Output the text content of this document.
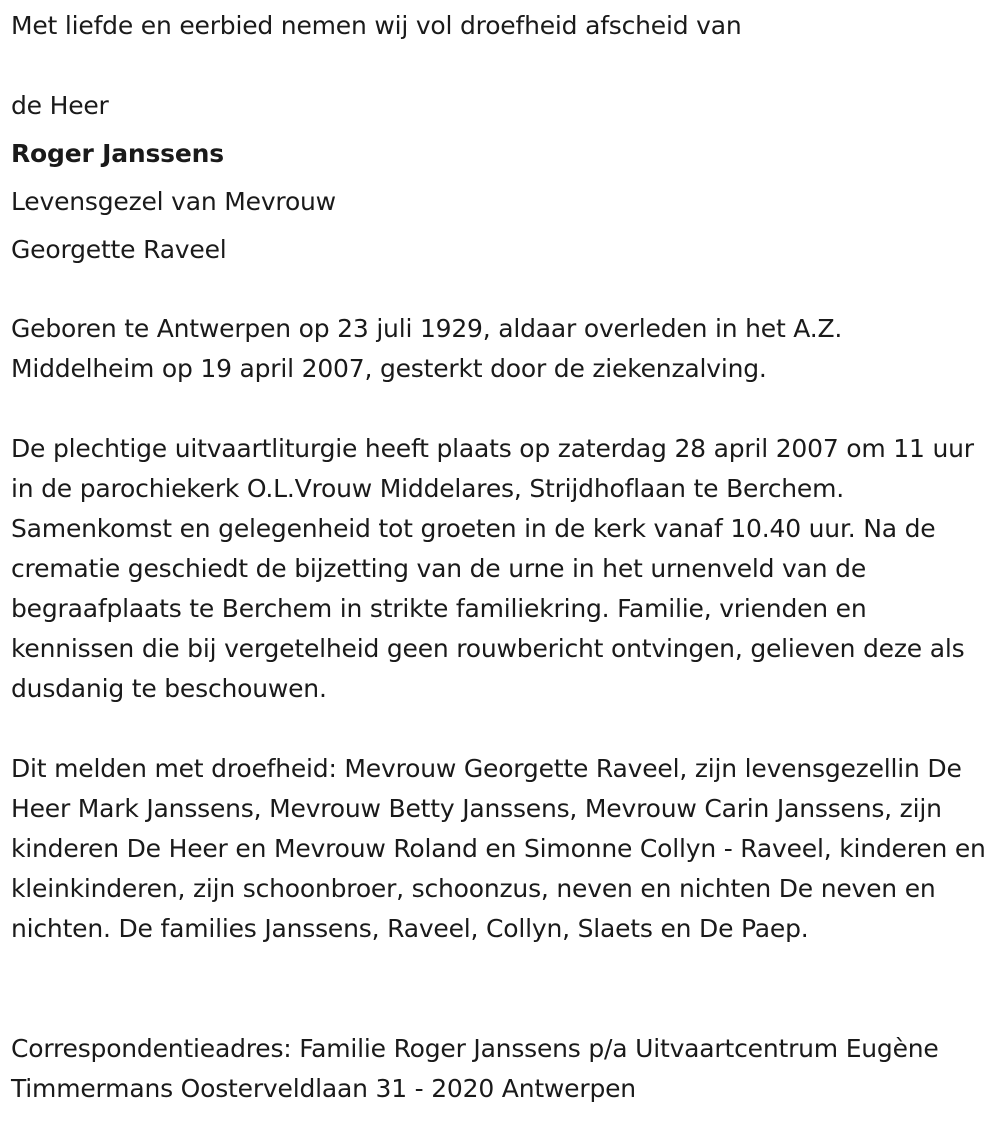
Met liefde en eerbied nemen wij vol droefheid afscheid van
de Heer
Roger Janssens
Levensgezel van Mevrouw
Georgette Raveel
Geboren te Antwerpen op 23 juli 1929, aldaar overleden in het A.Z. Middelheim op 19 april 2007, gesterkt door de ziekenzalving.
De plechtige uitvaartliturgie heeft plaats op zaterdag 28 april 2007 om 11 uur in de parochiekerk O.L.Vrouw Middelares, Strijdhoflaan te Berchem. Samenkomst en gelegenheid tot groeten in de kerk vanaf 10.40 uur. Na de crematie geschiedt de bijzetting van de urne in het urnenveld van de begraafplaats te Berchem in strikte familiekring. Familie, vrienden en kennissen die bij vergetelheid geen rouwbericht ontvingen, gelieven deze als dusdanig te beschouwen.
Dit melden met droefheid: Mevrouw Georgette Raveel, zijn levensgezellin De Heer Mark Janssens, Mevrouw Betty Janssens, Mevrouw Carin Janssens, zijn kinderen De Heer en Mevrouw Roland en Simonne Collyn - Raveel, kinderen en kleinkinderen, zijn schoonbroer, schoonzus, neven en nichten De neven en nichten. De families Janssens, Raveel, Collyn, Slaets en De Paep.
Correspondentieadres: Familie Roger Janssens p/a Uitvaartcentrum Eugène Timmermans Oosterveldlaan 31 - 2020 Antwerpen
